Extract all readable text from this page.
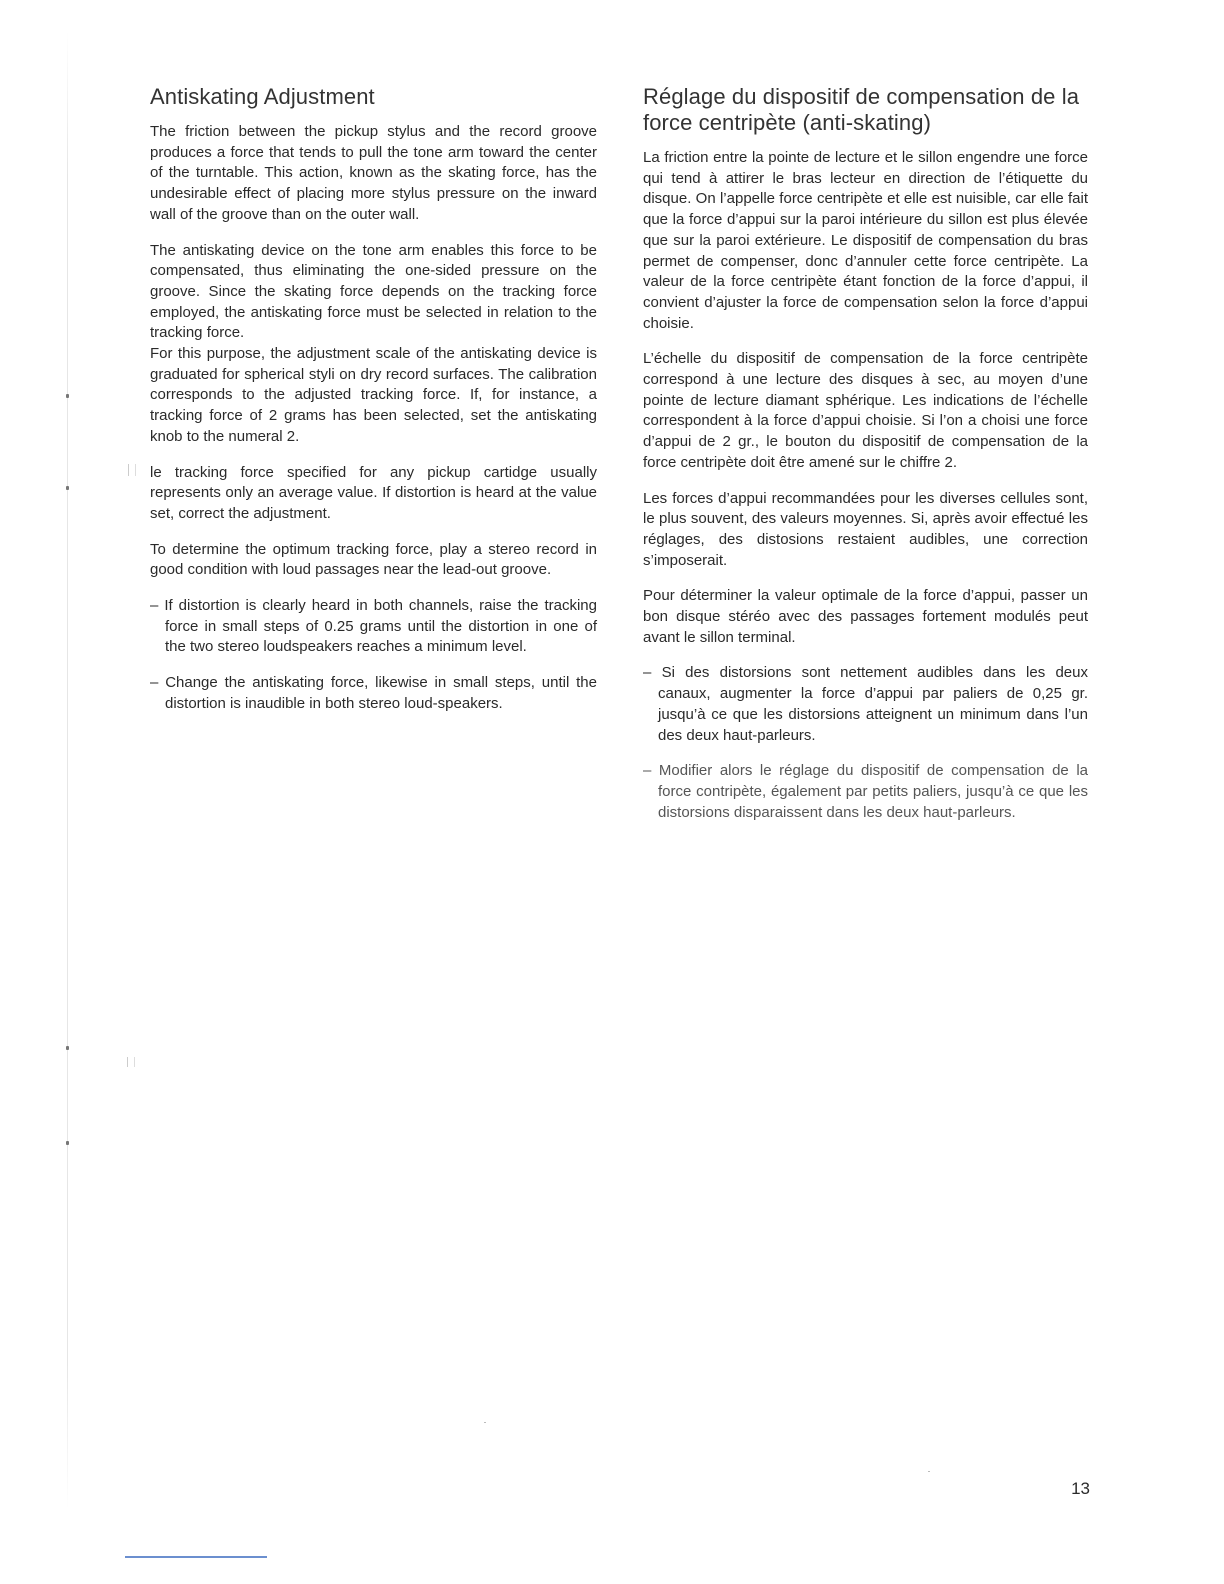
Antiskating Adjustment

The friction between the pickup stylus and the record groove produces a force that tends to pull the tone arm toward the center of the turntable. This action, known as the skating force, has the undesirable effect of placing more stylus pressure on the inward wall of the groove than on the outer wall.

The antiskating device on the tone arm enables this force to be compensated, thus eliminating the one-sided pressure on the groove. Since the skating force depends on the tracking force employed, the antiskating force must be selected in relation to the tracking force.

For this purpose, the adjustment scale of the antiskating device is graduated for spherical styli on dry record surfaces. The calibration corresponds to the adjusted tracking force. If, for instance, a tracking force of 2 grams has been selected, set the antiskating knob to the numeral 2.

le tracking force specified for any pickup cartidge usually represents only an average value. If distortion is heard at the value set, correct the adjustment.

To determine the optimum tracking force, play a stereo record in good condition with loud passages near the lead-out groove.

– If distortion is clearly heard in both channels, raise the tracking force in small steps of 0.25 grams until the distortion in one of the two stereo loudspeakers reaches a minimum level.
– Change the antiskating force, likewise in small steps, until the distortion is inaudible in both stereo loud-speakers.
Réglage du dispositif de compensation de la force centripète (anti-skating)

La friction entre la pointe de lecture et le sillon engendre une force qui tend à attirer le bras lecteur en direction de l’étiquette du disque. On l’appelle force centripète et elle est nuisible, car elle fait que la force d’appui sur la paroi intérieure du sillon est plus élevée que sur la paroi extérieure. Le dispositif de compensation du bras permet de compenser, donc d’annuler cette force centripète. La valeur de la force centripète étant fonction de la force d’appui, il convient d’ajuster la force de compensation selon la force d’appui choisie.

L’échelle du dispositif de compensation de la force centripète correspond à une lecture des disques à sec, au moyen d’une pointe de lecture diamant sphérique. Les indications de l’échelle correspondent à la force d’appui choisie. Si l’on a choisi une force d’appui de 2 gr., le bouton du dispositif de compensation de la force centripète doit être amené sur le chiffre 2.

Les forces d’appui recommandées pour les diverses cellules sont, le plus souvent, des valeurs moyennes. Si, après avoir effectué les réglages, des distosions restaient audibles, une correction s’imposerait.

Pour déterminer la valeur optimale de la force d’appui, passer un bon disque stéréo avec des passages fortement modulés peut avant le sillon terminal.

– Si des distorsions sont nettement audibles dans les deux canaux, augmenter la force d’appui par paliers de 0,25 gr. jusqu’à ce que les distorsions atteignent un minimum dans l’un des deux haut-parleurs.
– Modifier alors le réglage du dispositif de compensation de la force contripète, également par petits paliers, jusqu’à ce que les distorsions disparaissent dans les deux haut-parleurs.
13
